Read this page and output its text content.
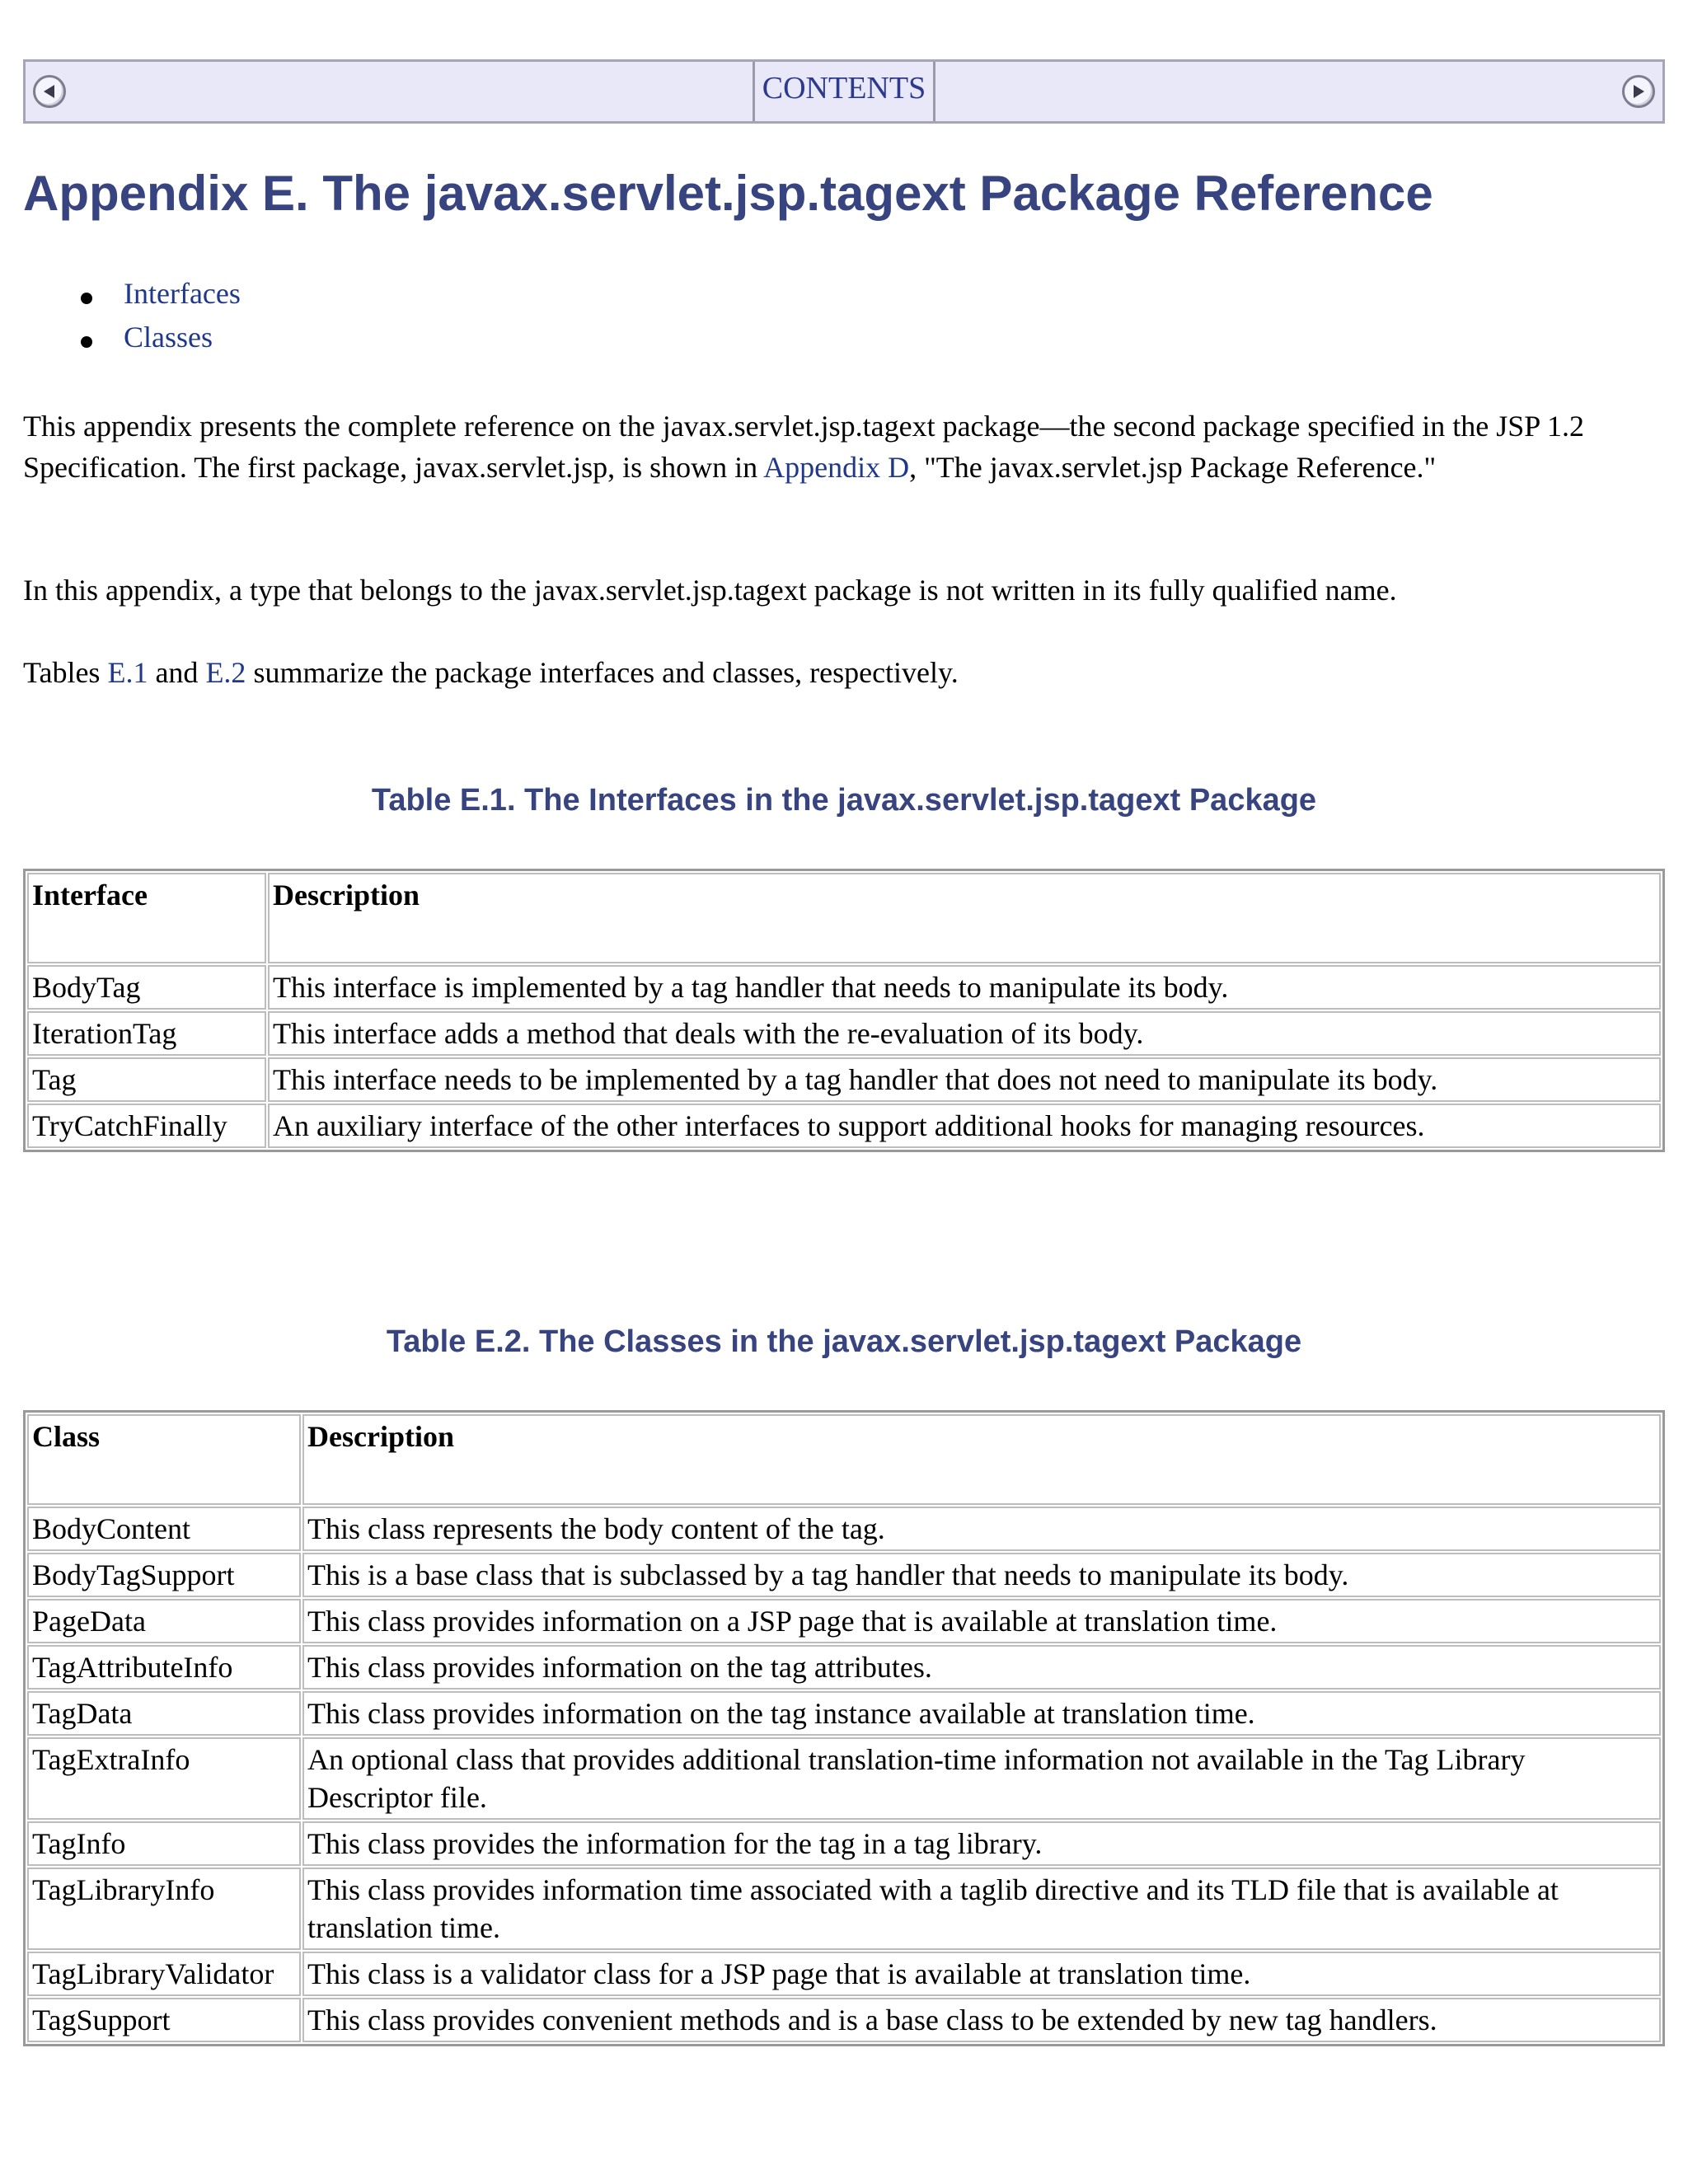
CONTENTS
Appendix E. The javax.servlet.jsp.tagext Package Reference
Interfaces
Classes

This appendix presents the complete reference on the javax.servlet.jsp.tagext package—the second package specified in the JSP 1.2 Specification. The first package, javax.servlet.jsp, is shown in Appendix D, "The javax.servlet.jsp Package Reference."

In this appendix, a type that belongs to the javax.servlet.jsp.tagext package is not written in its fully qualified name.

Tables E.1 and E.2 summarize the package interfaces and classes, respectively.

Table E.1. The Interfaces in the javax.servlet.jsp.tagext Package
Interface	Description
BodyTag	This interface is implemented by a tag handler that needs to manipulate its body.
IterationTag	This interface adds a method that deals with the re-evaluation of its body.
Tag	This interface needs to be implemented by a tag handler that does not need to manipulate its body.
TryCatchFinally	An auxiliary interface of the other interfaces to support additional hooks for managing resources.
Table E.2. The Classes in the javax.servlet.jsp.tagext Package
Class	Description
BodyContent	This class represents the body content of the tag.
BodyTagSupport	This is a base class that is subclassed by a tag handler that needs to manipulate its body.
PageData	This class provides information on a JSP page that is available at translation time.
TagAttributeInfo	This class provides information on the tag attributes.
TagData	This class provides information on the tag instance available at translation time.
TagExtraInfo	An optional class that provides additional translation-time information not available in the Tag Library Descriptor file.
TagInfo	This class provides the information for the tag in a tag library.
TagLibraryInfo	This class provides information time associated with a taglib directive and its TLD file that is available at translation time.
TagLibraryValidator	This class is a validator class for a JSP page that is available at translation time.
TagSupport	This class provides convenient methods and is a base class to be extended by new tag handlers.
